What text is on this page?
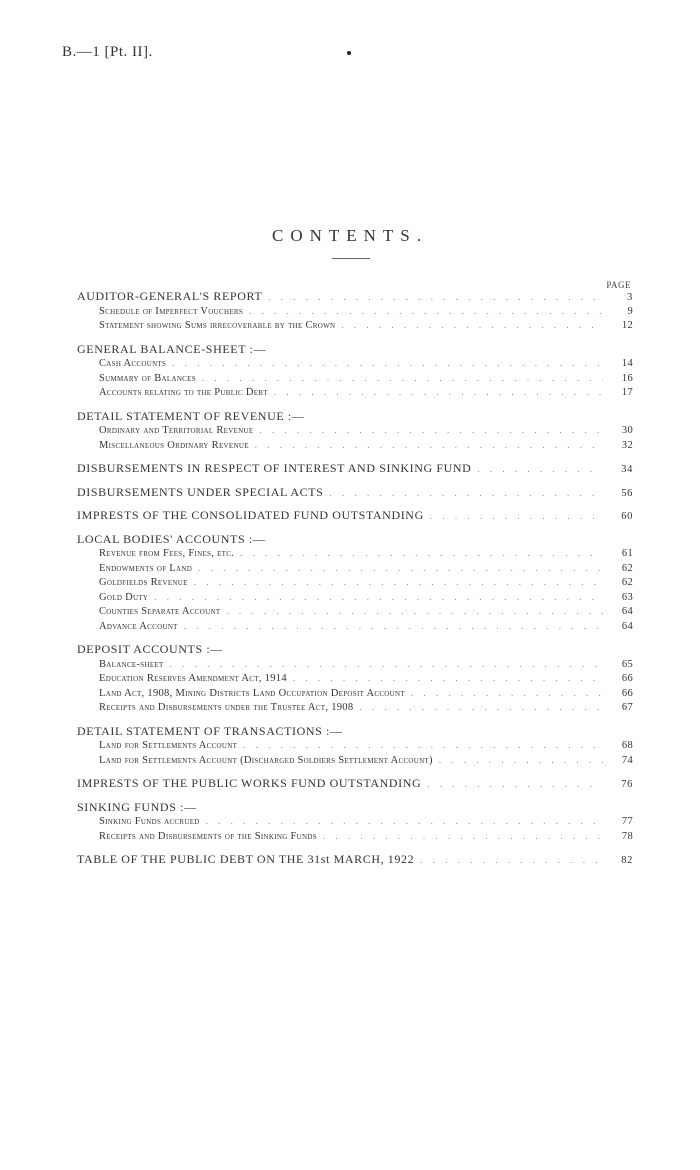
B.—1 [Pt. II].
CONTENTS.
PAGE
AUDITOR-GENERAL'S REPORT . . .	3
Schedule of Imperfect Vouchers . . .	9
Statement showing Sums irrecoverable by the Crown . . .	12
GENERAL BALANCE-SHEET :—
Cash Accounts . . .	14
Summary of Balances . . .	16
Accounts relating to the Public Debt . . .	17
DETAIL STATEMENT OF REVENUE :—
Ordinary and Territorial Revenue . . .	30
Miscellaneous Ordinary Revenue . . .	32
DISBURSEMENTS IN RESPECT OF INTEREST AND SINKING FUND . . .	34
DISBURSEMENTS UNDER SPECIAL ACTS . . .	56
IMPRESTS OF THE CONSOLIDATED FUND OUTSTANDING . . .	60
LOCAL BODIES' ACCOUNTS :—
Revenue from Fees, Fines, etc. . . .	61
Endowments of Land . . .	62
Goldfields Revenue . . .	62
Gold Duty . . .	63
Counties Separate Account . . .	64
Advance Account . . .	64
DEPOSIT ACCOUNTS :—
Balance-sheet . . .	65
Education Reserves Amendment Act, 1914 . . .	66
Land Act, 1908, Mining Districts Land Occupation Deposit Account . . .	66
Receipts and Disbursements under the Trustee Act, 1908 . . .	67
DETAIL STATEMENT OF TRANSACTIONS :—
Land for Settlements Account . . .	68
Land for Settlements Account (Discharged Soldiers Settlement Account) . . .	74
IMPRESTS OF THE PUBLIC WORKS FUND OUTSTANDING . . .	76
SINKING FUNDS :—
Sinking Funds accrued . . .	77
Receipts and Disbursements of the Sinking Funds . . .	78
TABLE OF THE PUBLIC DEBT ON THE 31st MARCH, 1922 . . .	82
